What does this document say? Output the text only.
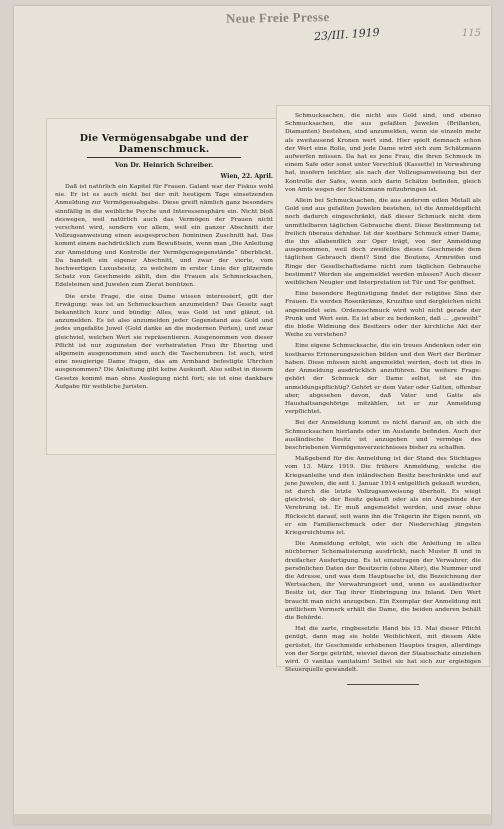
Neue Freie Presse
23/III. 1919	115
Die Vermögensabgabe und der Damenschmuck.
Von Dr. Heinrich Schreiber.
Wien, 22. April.

Daß ist natürlich ein Kapitel für Frauen. Galant war der Fiskus wohl nie. Er ist es auch nicht bei der mit heutigem Tage einsetzenden Anmeldung zur Vermögensabgabe. Diese greift nämlich ganz besonders sinnfällig in die weibliche Psyche und Interessensphäre ein. Nicht bloß deswegen, weil natürlich auch das Vermögen der Frauen nicht verschont wird, sondern vor allem, weil ein ganzer Abschnitt der Vollzugsanweisung einen ausgesprochen femininen Zuschnitt hat. Das kommt einem nachdrücklich zum Bewußtsein, wenn man „Die Anleitung zur Anmeldung und Kontrolle der Vermögensgegenstände“ überblickt. Da handelt ein eigener Abschnitt, und zwar der vierte, vom hochwertigen Luxusbesitz, zu welchem in erster Linie der glitzernde Schatz von Geschmeide zählt, den die Frauen als Schmucksachen, Edelsteinen und Juwelen zum Zierat benützen.

Die erste Frage, die eine Dame wissen interessiert, gilt der Erwägung: was ist an Schmucksachen anzumelden? Das Gesetz sagt bekanntlich kurz und bündig: Alles, was Gold ist und glänzt, ist anzumelden. Es ist also anzumelden jeder Gegenstand aus Gold und jedes ungefaßte Juwel (Gold danke an die modernen Perlen), und zwar gleichviel, welchen Wert sie repräsentieren. Ausgenommen von dieser Pflicht ist nur zugunsten der verheirateten Frau ihr Ehering und allgemein ausgenommen sind auch die Taschenuhren. Ist auch, wird eine neugierige Dame fragen, das am Armband befestigte Uhrchen ausgenommen? Die Anleitung gibt keine Auskunft. Also selbst in diesem Gesetze kommt man ohne Auslegung nicht fort; sie ist eine dankbare Aufgabe für weibliche Juristen.

Schmucksachen, die nicht aus Gold sind, und ebenso Schmucksachen, die aus gefaßten Juwelen (Brillanten, Diamanten) bestehen, sind anzumelden, wenn sie einzeln mehr als zweitausend Kronen wert sind. Hier spielt demnach schon der Wert eine Rolle, und jede Dame wird sich zum Schätzmann aufwerfen müssen. Da hat es jene Frau, die ihren Schmuck in einem Safe oder sonst unter Verschluß (Kassette) in Verwahrung hat, insofern leichter, als nach der Vollzugsanweisung bei der Kontrolle der Safes, wenn sich darin Schätze befinden, gleich von Amts wegen der Schätzmann mitzubringen ist.

Allein bei Schmucksachen, die aus anderem edlen Metall als Gold und aus gefaßten Juwelen bestehen, ist die Anmeldepflicht noch dadurch eingeschränkt, daß dieser Schmuck nicht dem unmittelbaren täglichen Gebrauche dient. Diese Bestimmung ist freilich überaus dehnbar. Ist der kostbare Schmuck einer Dame, die ihn allabendlich zur Oper trägt, von der Anmeldung ausgenommen, weil doch zweifellos dieses Geschmeide dem täglichen Gebrauch dient? Sind die Boutons, Armreifen und Ringe der Gesellschaftsdame nicht zum täglichen Gebrauche bestimmt? Werden sie angemeldet werden müssen? Auch dieser weiblichen Neugier und Interpretation ist Tür und Tor geöffnet.

Eine besondere Begünstigung findet der religiöse Sinn der Frauen. Es werden Rosenkränze, Kruzifixe und dergleichen nicht angemeldet sein. Ordensschmuck wird wohl nicht gerade der Prunk und Wert sein. Es ist aber zu bedenken, daß ... „geweiht“ die bloße Widmung des Besitzers oder der kirchliche Akt der Weihe zu verstehen?

Eine eigene Schmucksache, die ein treues Andenken oder ein kostbares Erinnerungszeichen bilden und den Wert der Berliner haben. Diese müssen nicht angemeldet werden, doch ist dies in der Anmeldung ausdrücklich anzuführen. Die weitere Frage: gehört der Schmuck der Dame selbst, ist sie ihn anmeldungspflichtig? Gehört er dem Vater oder Gatten, offenbar aber, abgesehen davon, daß Vater und Gatte als Haushaltsangehörige mitzählen, ist er zur Anmeldung verpflichtet.

Bei der Anmeldung kommt es nicht darauf an, ob sich die Schmucksachen hierlands oder im Auslande befinden. Auch der ausländische Besitz ist anzugeben und vermöge des beschriebenen Vermögensverzeichnisses bisher zu schaffen.

Maßgebend für die Anmeldung ist der Stand des Stichtages vom 13. März 1919. Die frühere Anmeldung, welche die Kriegsanleihe und den inländischen Besitz beschränkte und auf jene Juwelen, die seit 1. Januar 1914 entgeltlich gekauft wurden, ist durch die letzte Vollzugsanweisung überholt. Es wiegt gleichviel, ob der Besitz gekauft oder als ein Angebinde der Verehrung ist. Er muß angemeldet werden, und zwar ohne Rücksicht darauf, seit wann ihn die Trägerin ihr Eigen nennt, ob er ein Familienschmuck oder der Niederschlag jüngsten Kriegsreichtums ist.

Die Anmeldung erfolgt, wie sich die Anleitung in allzu nüchterner Schematisierung ausdrückt, nach Muster B und in dreifacher Ausfertigung. Es ist einzutragen der Verwahrer, die persönlichen Daten der Besitzerin (ohne Alter), die Nummer und die Adresse, und was dem Hauptsache ist, die Bezeichnung der Wertsachen, ihr Verwahrungsort und, wenn es ausländischer Besitz ist, der Tag ihrer Einbringung ins Inland. Den Wert braucht man nicht anzugeben. Ein Exemplar der Anmeldung mit amtlichem Vermerk erhält die Dame, die beiden anderen behält die Behörde.

Hat die zarte, ringbesetzte Hand bis 15. Mai dieser Pflicht genügt, dann mag sie holde Weiblichkeit, mit diesem Akte gerüstet, ihr Geschmeide erhobenen Hauptes tragen, allerdings von der Sorge getrübt, wieviel davon der Staatsschatz einziehen wird. O vanitas vanitatum! Selbst sie hat sich zur ergiebigen Steuerquelle gewandelt.
